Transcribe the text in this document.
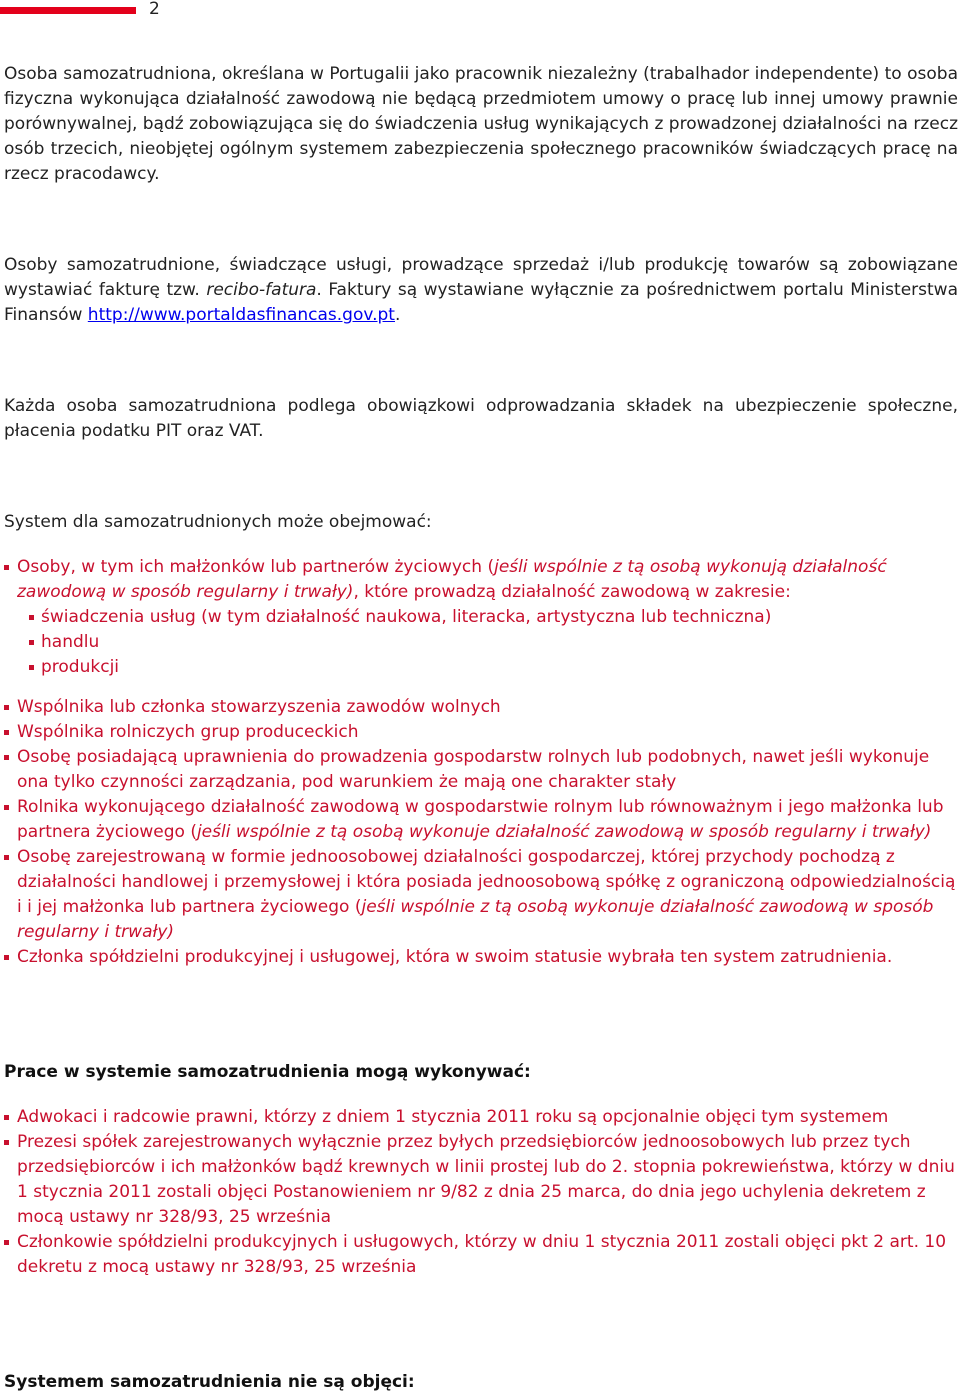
2

Osoba samozatrudniona, określana w Portugalii jako pracownik niezależny (trabalhador independente) to osoba fizyczna wykonująca działalność zawodową nie będącą przedmiotem umowy o pracę lub innej umowy prawnie porównywalnej, bądź zobowiązująca się do świadczenia usług wynikających z prowadzonej działalności na rzecz osób trzecich, nieobjętej ogólnym systemem zabezpieczenia społecznego pracowników świadczących pracę na rzecz pracodawcy.

Osoby samozatrudnione, świadczące usługi, prowadzące sprzedaż i/lub produkcję towarów są zobowiązane wystawiać fakturę tzw. recibo-fatura. Faktury są wystawiane wyłącznie za pośrednictwem portalu Ministerstwa Finansów http://www.portaldasfinancas.gov.pt.

Każda osoba samozatrudniona podlega obowiązkowi odprowadzania składek na ubezpieczenie społeczne, płacenia podatku PIT oraz VAT.

System dla samozatrudnionych może obejmować:

Osoby, w tym ich małżonków lub partnerów życiowych (jeśli wspólnie z tą osobą wykonują działalność zawodową w sposób regularny i trwały), które prowadzą działalność zawodową w zakresie:
świadczenia usług (w tym działalność naukowa, literacka, artystyczna lub techniczna)
handlu
produkcji
Wspólnika lub członka stowarzyszenia zawodów wolnych
Wspólnika rolniczych grup produceckich
Osobę posiadającą uprawnienia do prowadzenia gospodarstw rolnych lub podobnych, nawet jeśli wykonuje ona tylko czynności zarządzania, pod warunkiem że mają one charakter stały
Rolnika wykonującego działalność zawodową w gospodarstwie rolnym lub równoważnym i jego małżonka lub partnera życiowego (jeśli wspólnie z tą osobą wykonuje działalność zawodową w sposób regularny i trwały)
Osobę zarejestrowaną w formie jednoosobowej działalności gospodarczej, której przychody pochodzą z działalności handlowej i przemysłowej i która posiada jednoosobową spółkę z ograniczoną odpowiedzialnością i i jej małżonka lub partnera życiowego (jeśli wspólnie z tą osobą wykonuje działalność zawodową w sposób regularny i trwały)
Członka spółdzielni produkcyjnej i usługowej, która w swoim statusie wybrała ten system zatrudnienia.

Prace w systemie samozatrudnienia mogą wykonywać:

Adwokaci i radcowie prawni, którzy z dniem 1 stycznia 2011 roku są opcjonalnie objęci tym systemem
Prezesi spółek zarejestrowanych wyłącznie przez byłych przedsiębiorców jednoosobowych lub przez tych przedsiębiorców i ich małżonków bądź krewnych w linii prostej lub do 2. stopnia pokrewieństwa, którzy w dniu 1 stycznia 2011 zostali objęci Postanowieniem nr 9/82 z dnia 25 marca, do dnia jego uchylenia dekretem z mocą ustawy nr 328/93, 25 września
Członkowie spółdzielni produkcyjnych i usługowych, którzy w dniu 1 stycznia 2011 zostali objęci pkt 2 art. 10 dekretu z mocą ustawy nr 328/93, 25 września

Systemem samozatrudnienia nie są objęci:
